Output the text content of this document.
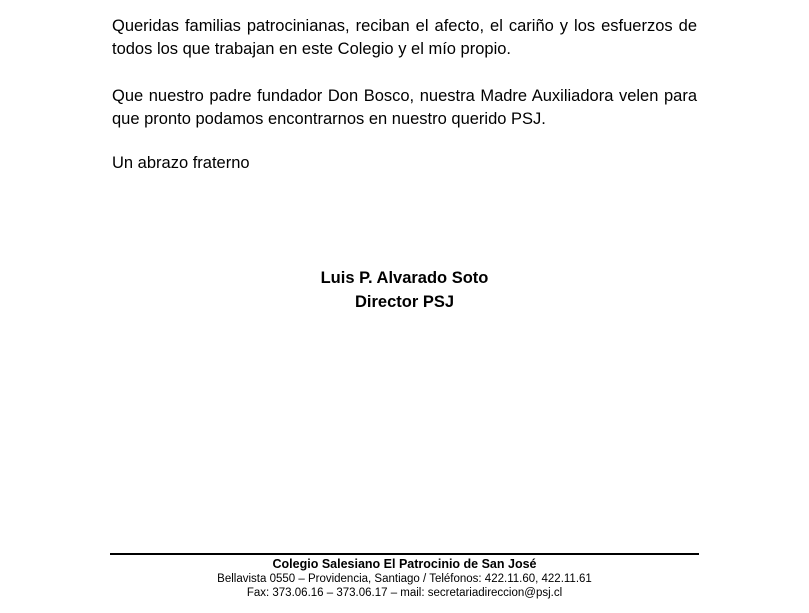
Queridas familias patrocinianas, reciban el afecto, el cariño y los esfuerzos de todos los que trabajan en este Colegio y el mío propio.

Que nuestro padre fundador Don Bosco, nuestra Madre Auxiliadora velen para que pronto podamos encontrarnos en nuestro querido PSJ.

Un abrazo fraterno

Luis P. Alvarado Soto
Director PSJ
Colegio Salesiano El Patrocinio de San José
Bellavista 0550 – Providencia, Santiago / Teléfonos: 422.11.60, 422.11.61
Fax: 373.06.16 – 373.06.17 – mail: secretariadireccion@psj.cl
